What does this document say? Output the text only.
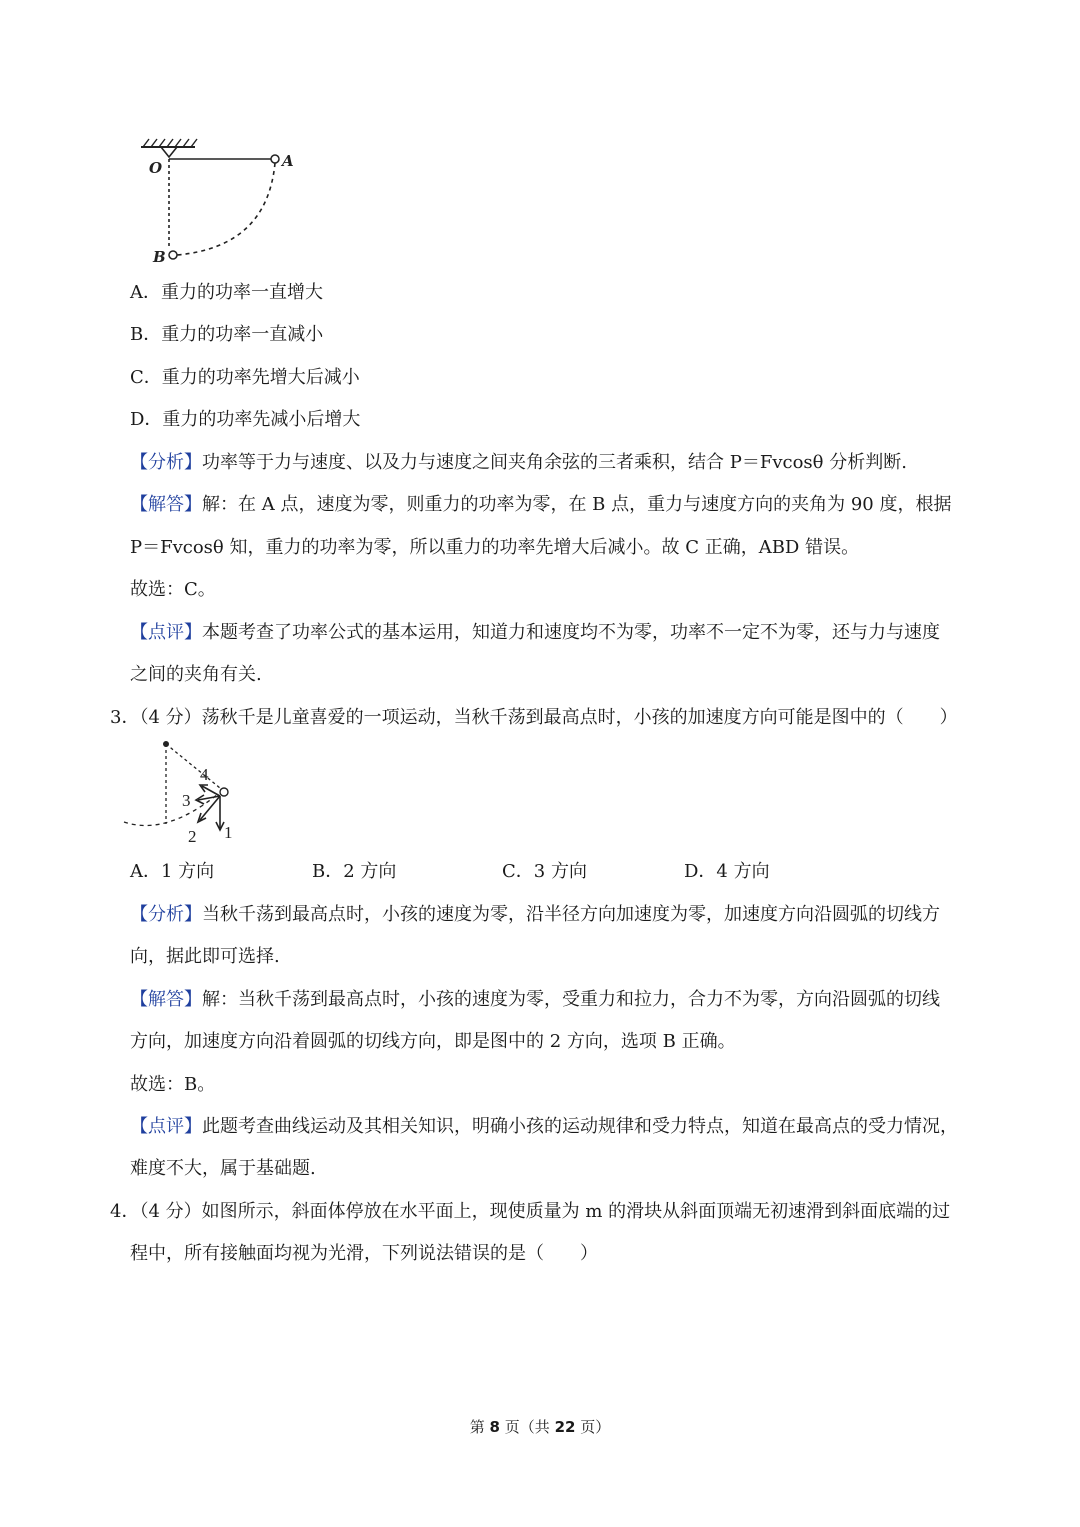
O	A
B
A．重力的功率一直增大
B．重力的功率一直减小
C．重力的功率先增大后减小
D．重力的功率先减小后增大
【分析】功率等于力与速度、以及力与速度之间夹角余弦的三者乘积，结合 P＝Fvcosθ 分析判断.
【解答】解：在 A 点，速度为零，则重力的功率为零，在 B 点，重力与速度方向的夹角为 90 度，根据
P＝Fvcosθ 知，重力的功率为零，所以重力的功率先增大后减小。故 C 正确，ABD 错误。
故选：C。
【点评】本题考查了功率公式的基本运用，知道力和速度均不为零，功率不一定不为零，还与力与速度
之间的夹角有关.
3．（4 分）荡秋千是儿童喜爱的一项运动，当秋千荡到最高点时，小孩的加速度方向可能是图中的（　　）
1
2
3
4
A．1 方向	B．2 方向	C．3 方向	D．4 方向
【分析】当秋千荡到最高点时，小孩的速度为零，沿半径方向加速度为零，加速度方向沿圆弧的切线方
向，据此即可选择.
【解答】解：当秋千荡到最高点时，小孩的速度为零，受重力和拉力，合力不为零，方向沿圆弧的切线
方向，加速度方向沿着圆弧的切线方向，即是图中的 2 方向，选项 B 正确。
故选：B。
【点评】此题考查曲线运动及其相关知识，明确小孩的运动规律和受力特点，知道在最高点的受力情况，
难度不大，属于基础题.
4．（4 分）如图所示，斜面体停放在水平面上，现使质量为 m 的滑块从斜面顶端无初速滑到斜面底端的过
程中，所有接触面均视为光滑，下列说法错误的是（　　）
第 8 页（共 22 页）
